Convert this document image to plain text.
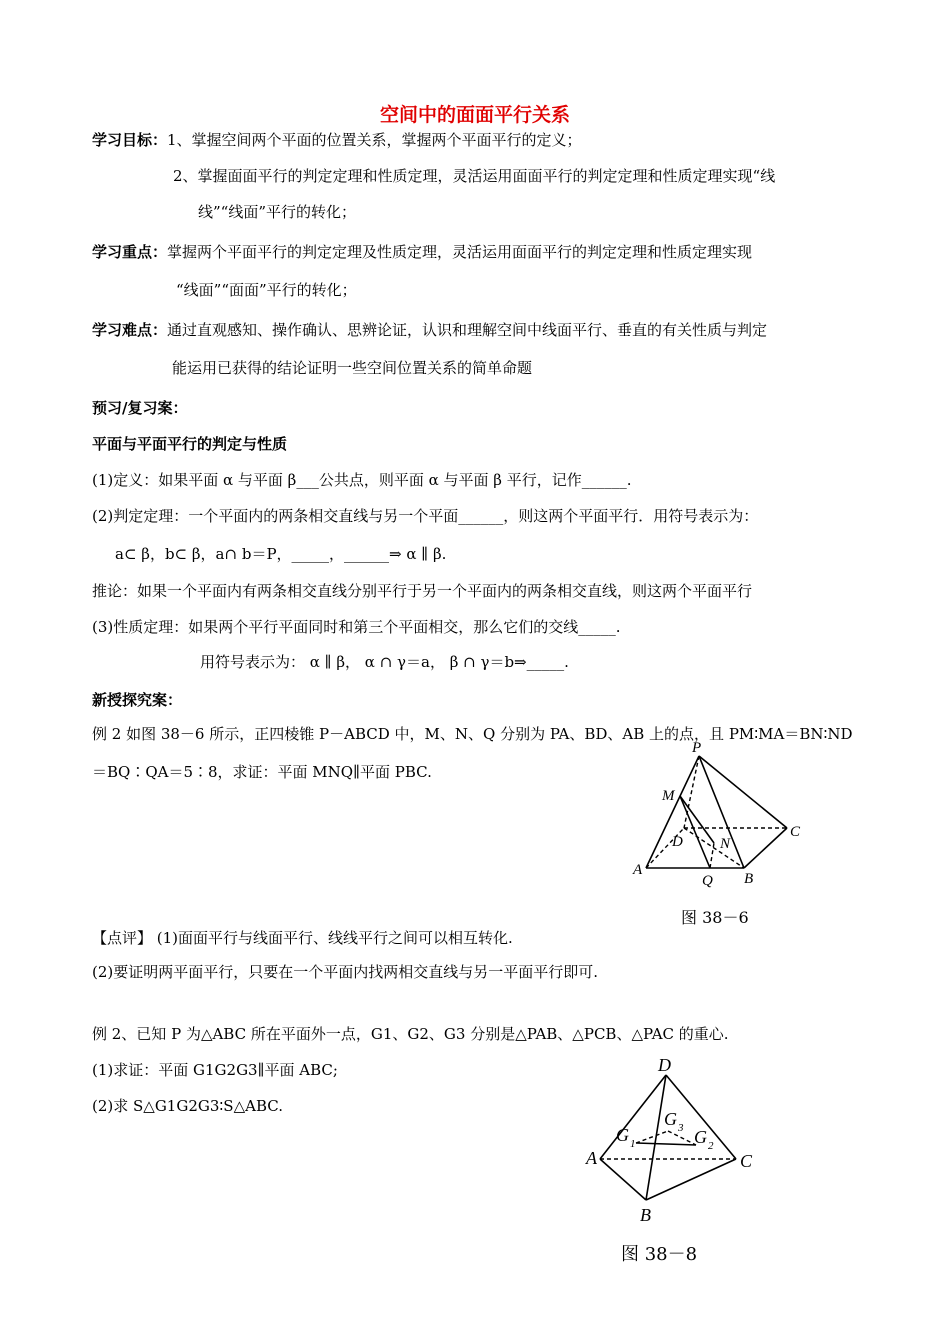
空间中的面面平行关系
学习目标：1、掌握空间两个平面的位置关系，掌握两个平面平行的定义；
2、掌握面面平行的判定定理和性质定理，灵活运用面面平行的判定定理和性质定理实现“线
线”“线面”平行的转化；
学习重点：掌握两个平面平行的判定定理及性质定理，灵活运用面面平行的判定定理和性质定理实现
“线面”“面面”平行的转化；
学习难点：通过直观感知、操作确认、思辨论证，认识和理解空间中线面平行、垂直的有关性质与判定
能运用已获得的结论证明一些空间位置关系的简单命题
预习/复习案：
平面与平面平行的判定与性质
(1)定义：如果平面 α 与平面 β___公共点，则平面 α 与平面 β 平行，记作______.
(2)判定定理：一个平面内的两条相交直线与另一个平面______，则这两个平面平行．用符号表示为：
a⊂ β，b⊂ β，a∩ b＝P，_____，______⇒ α ∥ β.
推论：如果一个平面内有两条相交直线分别平行于另一个平面内的两条相交直线，则这两个平面平行
(3)性质定理：如果两个平行平面同时和第三个平面相交，那么它们的交线_____.
用符号表示为： α ∥ β， α ∩ γ＝a， β ∩ γ＝b⇒_____.
新授探究案：
例 2 如图 38－6 所示，正四棱锥 P－ABCD 中，M、N、Q 分别为 PA、BD、AB 上的点，且 PM∶MA＝BN∶ND
＝BQ∶QA＝5∶8，求证：平面 MNQ∥平面 PBC.
P
M
D N
C
A
Q B
图 38－6
【点评】 (1)面面平行与线面平行、线线平行之间可以相互转化.
(2)要证明两平面平行，只要在一个平面内找两相交直线与另一平面平行即可.
例 2、已知 P 为△ABC 所在平面外一点，G1、G2、G3 分别是△PAB、△PCB、△PAC 的重心.
(1)求证：平面 G1G2G3∥平面 ABC;
(2)求 S△G1G2G3∶S△ABC.
D
A	C
B
G 3
G 1	G 2
图 38－8
